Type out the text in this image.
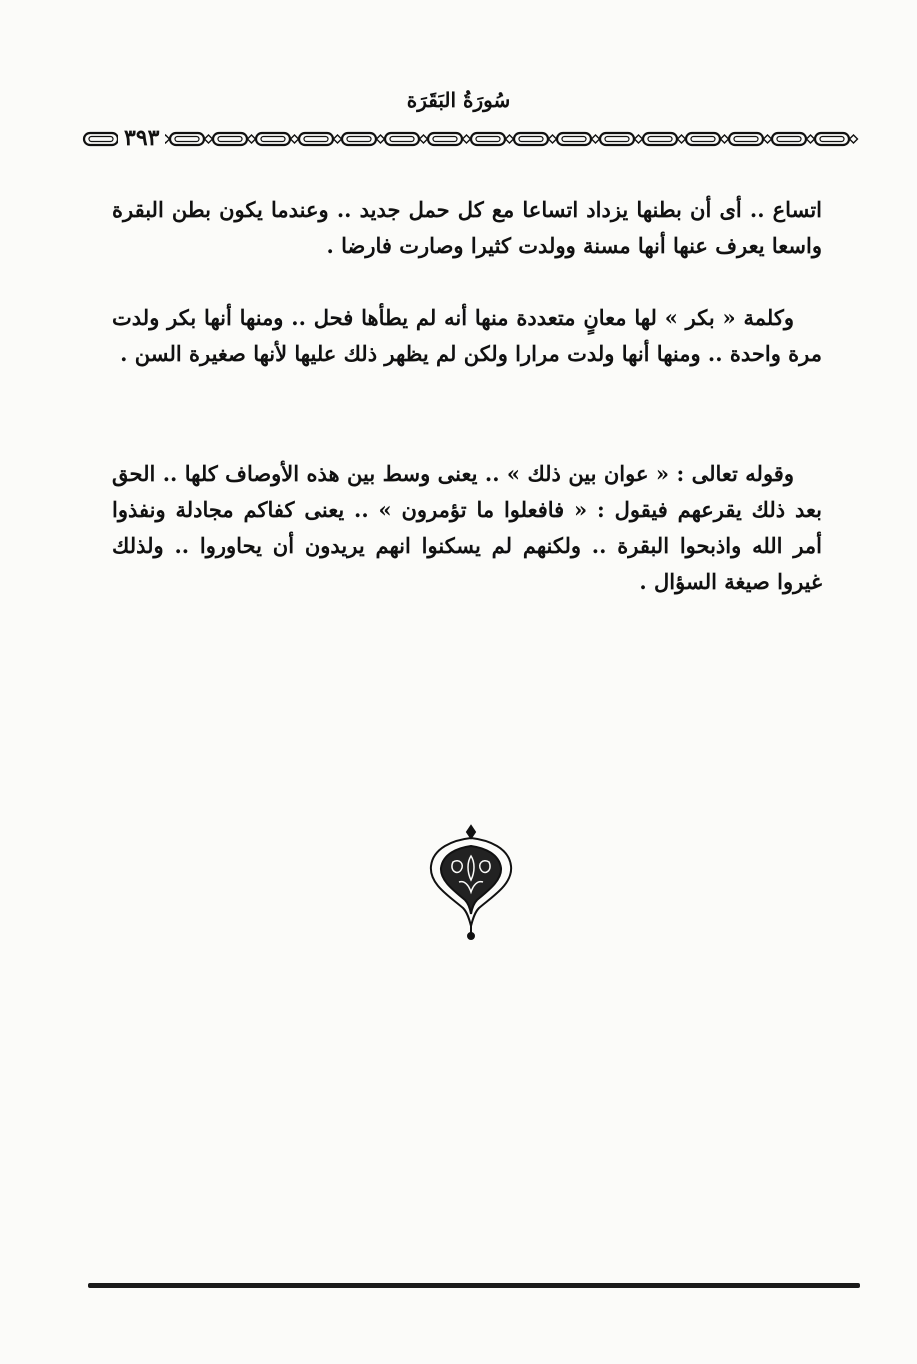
سُورَةُ البَقَرَة
٣٩٣

اتساع .. أى أن بطنها يزداد اتساعا مع كل حمل جديد .. وعندما يكون بطن البقرة واسعا يعرف عنها أنها مسنة وولدت كثيرا وصارت فارضا .

وكلمة « بكر » لها معانٍ متعددة منها أنه لم يطأها فحل .. ومنها أنها بكر ولدت مرة واحدة .. ومنها أنها ولدت مرارا ولكن لم يظهر ذلك عليها لأنها صغيرة السن .

وقوله تعالى : « عوان بين ذلك » .. يعنى وسط بين هذه الأوصاف كلها .. الحق بعد ذلك يقرعهم فيقول : « فافعلوا ما تؤمرون » .. يعنى كفاكم مجادلة ونفذوا أمر الله واذبحوا البقرة .. ولكنهم لم يسكنوا انهم يريدون أن يحاوروا .. ولذلك غيروا صيغة السؤال .
